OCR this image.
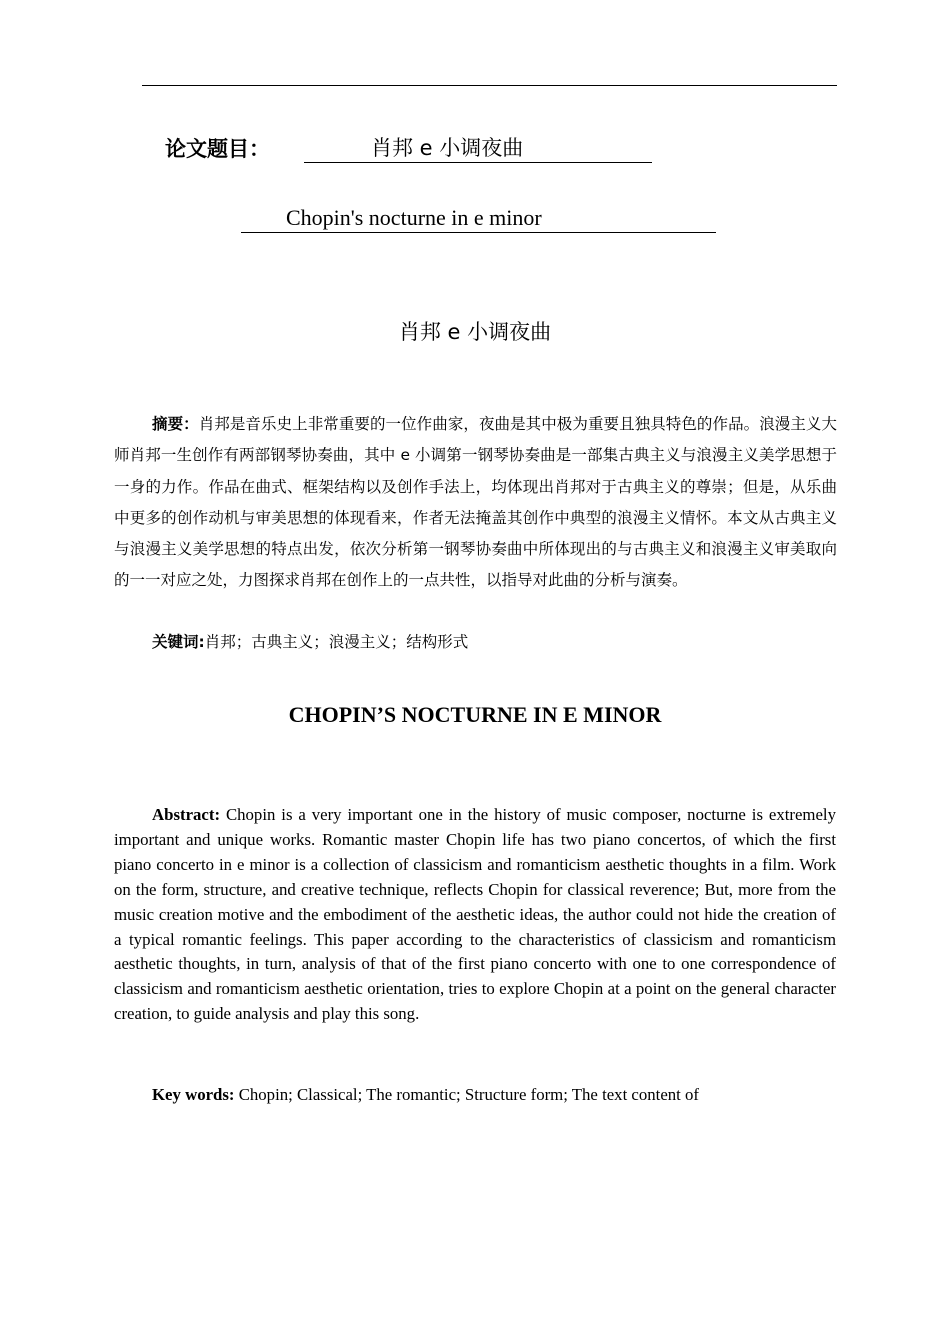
论文题目：	肖邦 e 小调夜曲
Chopin's nocturne in e minor
肖邦 e 小调夜曲
摘要：肖邦是音乐史上非常重要的一位作曲家，夜曲是其中极为重要且独具特色的作品。浪漫主义大师肖邦一生创作有两部钢琴协奏曲，其中 e 小调第一钢琴协奏曲是一部集古典主义与浪漫主义美学思想于一身的力作。作品在曲式、框架结构以及创作手法上，均体现出肖邦对于古典主义的尊崇；但是，从乐曲中更多的创作动机与审美思想的体现看来，作者无法掩盖其创作中典型的浪漫主义情怀。本文从古典主义与浪漫主义美学思想的特点出发，依次分析第一钢琴协奏曲中所体现出的与古典主义和浪漫主义审美取向的一一对应之处，力图探求肖邦在创作上的一点共性，以指导对此曲的分析与演奏。
关键词:肖邦；古典主义；浪漫主义；结构形式
CHOPIN’S NOCTURNE IN E MINOR
Abstract: Chopin is a very important one in the history of music composer, nocturne is extremely important and unique works. Romantic master Chopin life has two piano concertos, of which the first piano concerto in e minor is a collection of classicism and romanticism aesthetic thoughts in a film. Work on the form, structure, and creative technique, reflects Chopin for classical reverence; But, more from the music creation motive and the embodiment of the aesthetic ideas, the author could not hide the creation of a typical romantic feelings. This paper according to the characteristics of classicism and romanticism aesthetic thoughts, in turn, analysis of that of the first piano concerto with one to one correspondence of classicism and romanticism aesthetic orientation, tries to explore Chopin at a point on the general character creation, to guide analysis and play this song.
Key words: Chopin; Classical; The romantic; Structure form; The text content of
